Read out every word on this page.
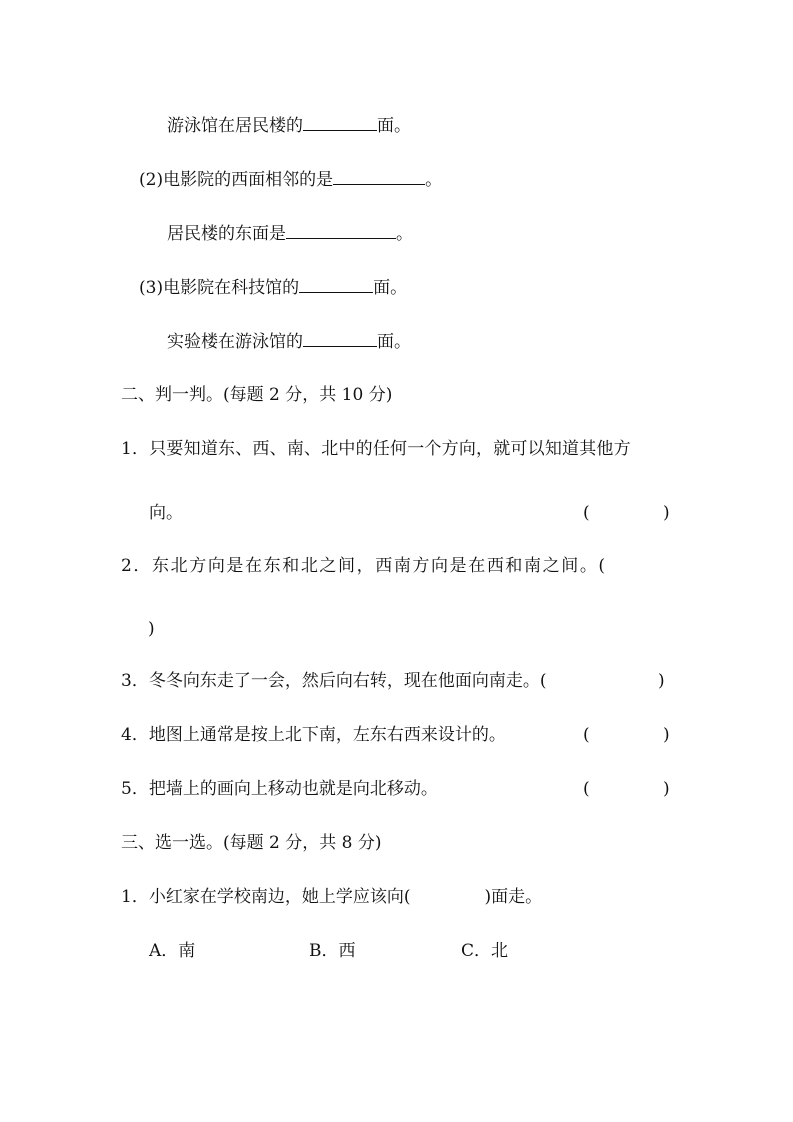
游泳馆在居民楼的	面。
(2)电影院的西面相邻的是	。
居民楼的东面是	。
(3)电影院在科技馆的	面。
实验楼在游泳馆的	面。
二、判一判。(每题 2 分，共 10 分)
1．只要知道东、西、南、北中的任何一个方向，就可以知道其他方
向。	(	)
2．东北方向是在东和北之间，西南方向是在西和南之间。(
)
3．冬冬向东走了一会，然后向右转，现在他面向南走。(	)
4．地图上通常是按上北下南，左东右西来设计的。	(	)
5．把墙上的画向上移动也就是向北移动。	(	)
三、选一选。(每题 2 分，共 8 分)
1．小红家在学校南边，她上学应该向(	)面走。
A．南	B．西	C．北
